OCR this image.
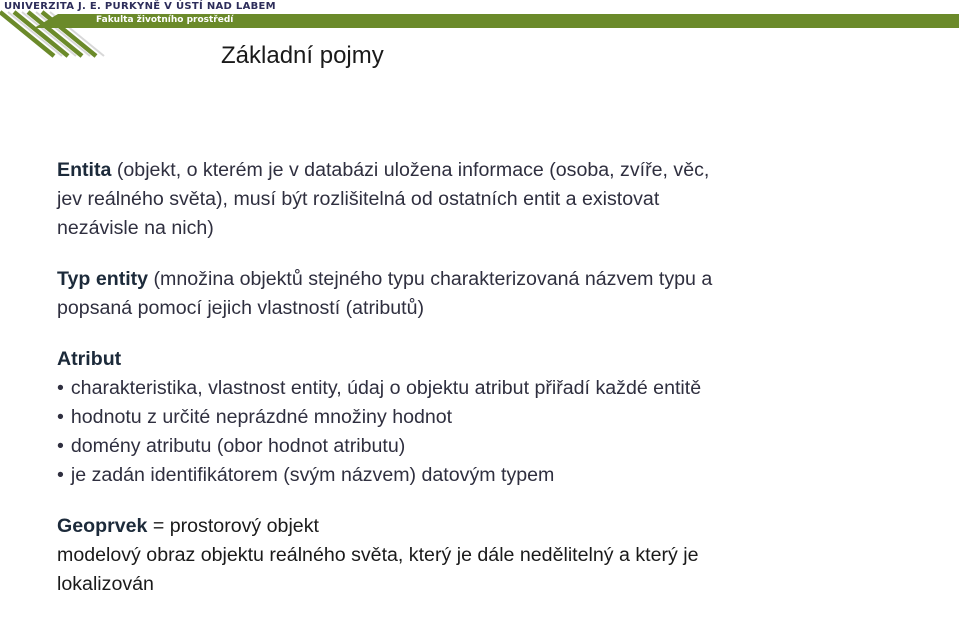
UNIVERZITA J. E. PURKYNĚ V ÚSTÍ NAD LABEM
Fakulta životního prostředí
Základní pojmy

Entita (objekt, o kterém je v databázi uložena informace (osoba, zvíře, věc,

jev reálného světa), musí být rozlišitelná od ostatních entit a existovat

nezávisle na nich)

Typ entity (množina objektů stejného typu charakterizovaná názvem typu a

popsaná pomocí jejich vlastností (atributů)

Atribut

• charakteristika, vlastnost entity, údaj o objektu atribut přiřadí každé entitě
• hodnotu z určité neprázdné množiny hodnot
• domény atributu (obor hodnot atributu)
• je zadán identifikátorem (svým názvem) datovým typem

Geoprvek = prostorový objekt

modelový obraz objektu reálného světa, který je dále nedělitelný a který je

lokalizován
